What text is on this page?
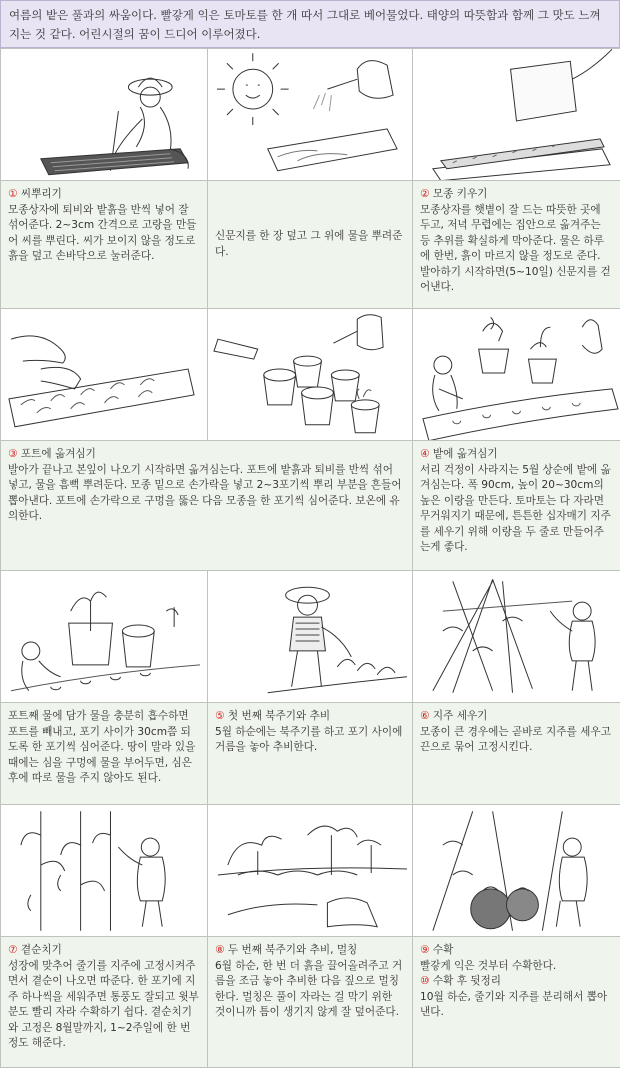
여름의 밭은 풀과의 싸움이다. 빨갛게 익은 토마토를 한 개 따서 그대로 베어물었다. 태양의 따뜻함과 함께 그 맛도 느껴지는 것 같다. 어린시절의 꿈이 드디어 이루어졌다.

① 씨뿌리기
모종상자에 퇴비와 밭흙을 반씩 넣어 잘 섞어준다. 2~3cm 간격으로 고랑을 만들어 씨를 뿌린다. 씨가 보이지 않을 정도로 흙을 덮고 손바닥으로 눌러준다.	신문지를 한 장 덮고 그 위에 물을 뿌려준다.	② 모종 키우기
모종상자를 햇볕이 잘 드는 따뜻한 곳에 두고, 저녁 무렵에는 집안으로 옮겨주는 등 추위를 확실하게 막아준다. 물은 하루에 한번, 흙이 마르지 않을 정도로 준다. 발아하기 시작하면(5~10일) 신문지를 걷어낸다.

③ 포트에 옮겨심기
발아가 끝나고 본잎이 나오기 시작하면 옮겨심는다. 포트에 밭흙과 퇴비를 반씩 섞어 넣고, 물을 흠뻑 뿌려둔다. 모종 밑으로 손가락을 넣고 2~3포기씩 뿌리 부분을 흔들어 뽑아낸다. 포트에 손가락으로 구멍을 뚫은 다음 모종을 한 포기씩 심어준다. 보온에 유의한다.		④ 밭에 옮겨심기
서리 걱정이 사라지는 5월 상순에 밭에 옮겨심는다. 폭 90cm, 높이 20~30cm의 높은 이랑을 만든다. 토마토는 다 자라면 무거워지기 때문에, 튼튼한 십자매기 지주를 세우기 위해 이랑을 두 줄로 만들어주는게 좋다.

포트째 물에 담가 물을 충분히 흡수하면 포트를 빼내고, 포기 사이가 30cm쯤 되도록 한 포기씩 심어준다. 땅이 말라 있을 때에는 심을 구멍에 물을 부어두면, 심은 후에 따로 물을 주지 않아도 된다.	⑤ 첫 번째 북주기와 추비
5월 하순에는 북주기를 하고 포기 사이에 거름을 놓아 추비한다.	⑥ 지주 세우기
모종이 큰 경우에는 곧바로 지주를 세우고 끈으로 묶어 고정시킨다.

⑦ 곁순치기
성장에 맞추어 줄기를 지주에 고정시켜주면서 곁순이 나오면 따준다. 한 포기에 지주 하나씩을 세워주면 통풍도 잘되고 윗부분도 빨리 자라 수확하기 쉽다. 곁순치기와 고정은 8월말까지, 1~2주일에 한 번 정도 해준다.	⑧ 두 번째 북주기와 추비, 멀칭
6월 하순, 한 번 더 흙을 끌어올려주고 거름을 조금 놓아 추비한 다음 짚으로 멀칭한다. 멀칭은 풀이 자라는 걸 막기 위한 것이니까 틈이 생기지 않게 잘 덮어준다.	⑨ 수확
빨갛게 익은 것부터 수확한다.
⑩ 수확 후 뒷정리
10월 하순, 줄기와 지주를 분리해서 뽑아낸다.
